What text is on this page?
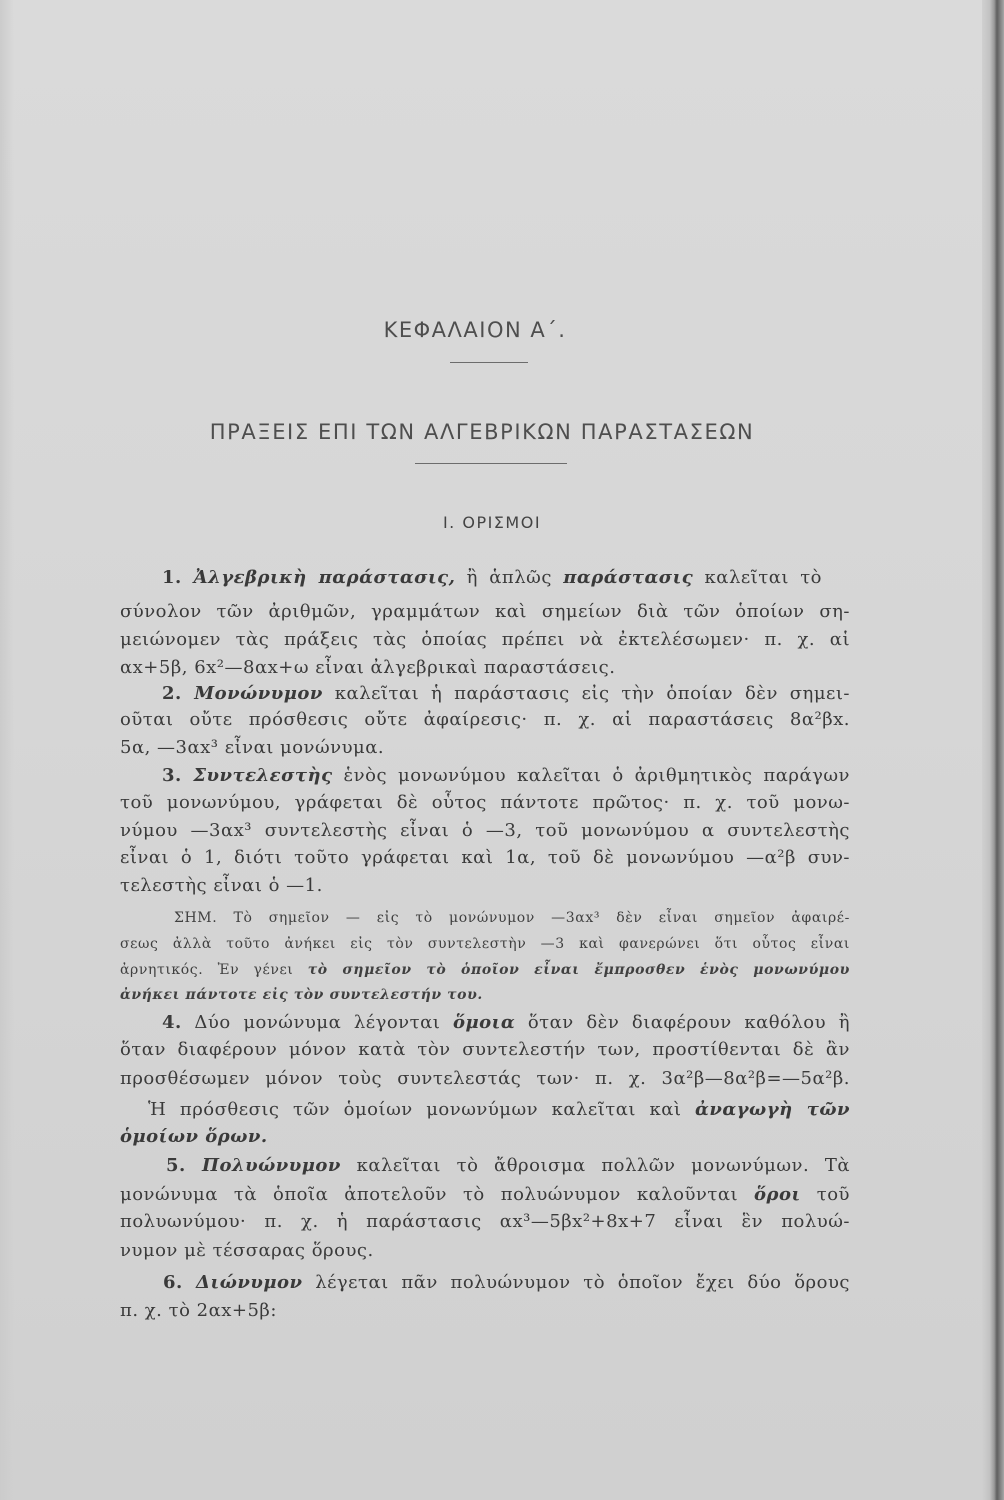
ΚΕΦΑΛΑΙΟΝ Α΄.
ΠΡΑΞΕΙΣ ΕΠΙ ΤΩΝ ΑΛΓΕΒΡΙΚΩΝ ΠΑΡΑΣΤΑΣΕΩΝ
Ι. ΟΡΙΣΜΟΙ
1. Ἀλγεβρικὴ παράστασις, ἢ ἁπλῶς παράστασις καλεῖται τὸ
σύνολον τῶν ἀριθμῶν, γραμμάτων καὶ σημείων διὰ τῶν ὁποίων ση-
μειώνομεν τὰς πράξεις τὰς ὁποίας πρέπει νὰ ἐκτελέσωμεν· π. χ. αἱ
αx+5β, 6x²—8αx+ω εἶναι ἀλγεβρικαὶ παραστάσεις.
2. Μονώνυμον καλεῖται ἡ παράστασις εἰς τὴν ὁποίαν δὲν σημει-
οῦται οὔτε πρόσθεσις οὔτε ἀφαίρεσις· π. χ. αἱ παραστάσεις 8α²βx.
5α, —3αx³ εἶναι μονώνυμα.
3. Συντελεστὴς ἑνὸς μονωνύμου καλεῖται ὁ ἀριθμητικὸς παράγων
τοῦ μονωνύμου, γράφεται δὲ οὗτος πάντοτε πρῶτος· π. χ. τοῦ μονω-
νύμου —3αx³ συντελεστὴς εἶναι ὁ —3, τοῦ μονωνύμου α συντελεστὴς
εἶναι ὁ 1, διότι τοῦτο γράφεται καὶ 1α, τοῦ δὲ μονωνύμου —α²β συν-
τελεστὴς εἶναι ὁ —1.
ΣΗΜ. Τὸ σημεῖον — εἰς τὸ μονώνυμον —3αx³ δὲν εἶναι σημεῖον ἀφαιρέ-
σεως ἀλλὰ τοῦτο ἀνήκει εἰς τὸν συντελεστὴν —3 καὶ φανερώνει ὅτι οὗτος εἶναι
ἀρνητικός. Ἐν γένει τὸ σημεῖον τὸ ὁποῖον εἶναι ἔμπροσθεν ἑνὸς μονωνύμου
ἀνήκει πάντοτε εἰς τὸν συντελεστήν του.
4. Δύο μονώνυμα λέγονται ὅμοια ὅταν δὲν διαφέρουν καθόλου ἢ
ὅταν διαφέρουν μόνον κατὰ τὸν συντελεστήν των, προστίθενται δὲ ἂν
προσθέσωμεν μόνον τοὺς συντελεστάς των· π. χ. 3α²β—8α²β=—5α²β.
Ἡ πρόσθεσις τῶν ὁμοίων μονωνύμων καλεῖται καὶ ἀναγωγὴ τῶν
ὁμοίων ὅρων.
5. Πολυώνυμον καλεῖται τὸ ἄθροισμα πολλῶν μονωνύμων. Τὰ
μονώνυμα τὰ ὁποῖα ἀποτελοῦν τὸ πολυώνυμον καλοῦνται ὅροι τοῦ
πολυωνύμου· π. χ. ἡ παράστασις αx³—5βx²+8x+7 εἶναι ἓν πολυώ-
νυμον μὲ τέσσαρας ὅρους.
6. Διώνυμον λέγεται πᾶν πολυώνυμον τὸ ὁποῖον ἔχει δύο ὅρους
π. χ. τὸ 2αx+5β:
